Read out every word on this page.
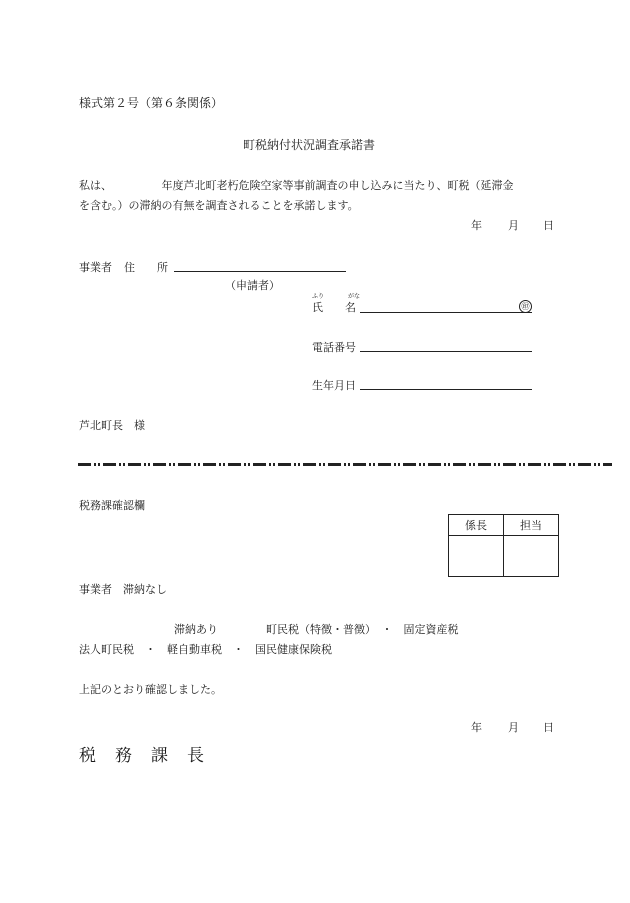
様式第２号（第６条関係）
町税納付状況調査承諾書
私は、　　　　　年度芦北町老朽危険空家等事前調査の申し込みに当たり、町税（延滞金
を含む。）の滞納の有無を調査されることを承諾します。
年 月 日
事業者 住　　所
（申請者）
ふり	がな
氏　　名	㊞
電話番号
生年月日
芦北町長　様
税務課確認欄
係長	担当

事業者　滞納なし
滞納あり	町民税（特徴・普徴）　・　固定資産税
法人町民税　・　軽自動車税　・　国民健康保険税
上記のとおり確認しました。
年 月 日
税　務　課　長
